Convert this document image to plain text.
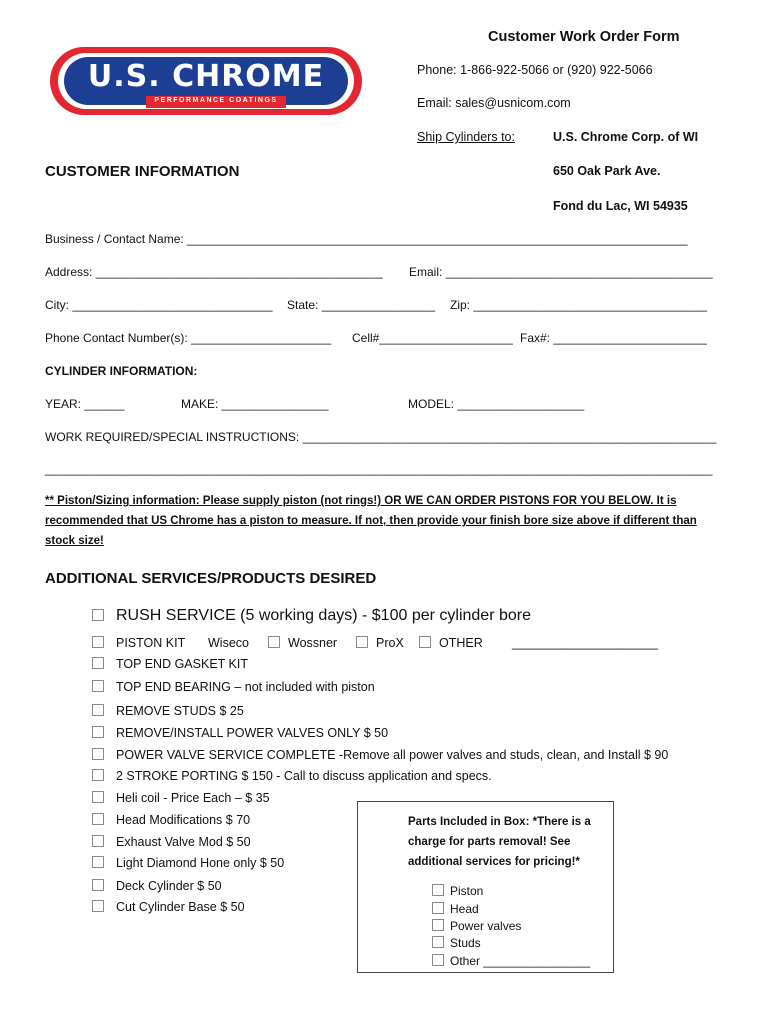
U.S. CHROME
PERFORMANCE COATINGS
Customer Work Order Form
Phone: 1-866-922-5066 or (920) 922-5066
Email: sales@usnicom.com
Ship Cylinders to:	U.S. Chrome Corp. of WI
650 Oak Park Ave.
Fond du Lac, WI 54935
CUSTOMER INFORMATION
Business / Contact Name: ___________________________________________________________________________
Address: ___________________________________________ Email: ________________________________________
City: ______________________________ State: _________________ Zip: ___________________________________
Phone Contact Number(s): _____________________ Cell#____________________ Fax#: _______________________
CYLINDER INFORMATION:
YEAR: ______	MAKE: ________________	MODEL: ___________________
WORK REQUIRED/SPECIAL INSTRUCTIONS: ______________________________________________________________
____________________________________________________________________________________________________
** Piston/Sizing information: Please supply piston (not rings!) OR WE CAN ORDER PISTONS FOR YOU BELOW. It is
recommended that US Chrome has a piston to measure. If not, then provide your finish bore size above if different than
stock size!
ADDITIONAL SERVICES/PRODUCTS DESIRED
RUSH SERVICE (5 working days) - $100 per cylinder bore
PISTON KIT Wiseco	Wossner	ProX	OTHER _____________________
TOP END GASKET KIT
TOP END BEARING – not included with piston
REMOVE STUDS $ 25
REMOVE/INSTALL POWER VALVES ONLY $ 50
POWER VALVE SERVICE COMPLETE -Remove all power valves and studs, clean, and Install $ 90
2 STROKE PORTING $ 150 - Call to discuss application and specs.
Heli coil - Price Each – $ 35
Head Modifications $ 70
Exhaust Valve Mod $ 50
Light Diamond Hone only $ 50
Deck Cylinder $ 50
Cut Cylinder Base $ 50
Parts Included in Box: *There is a charge for parts removal! See additional services for pricing!*
Piston
Head
Power valves
Studs
Other ________________
